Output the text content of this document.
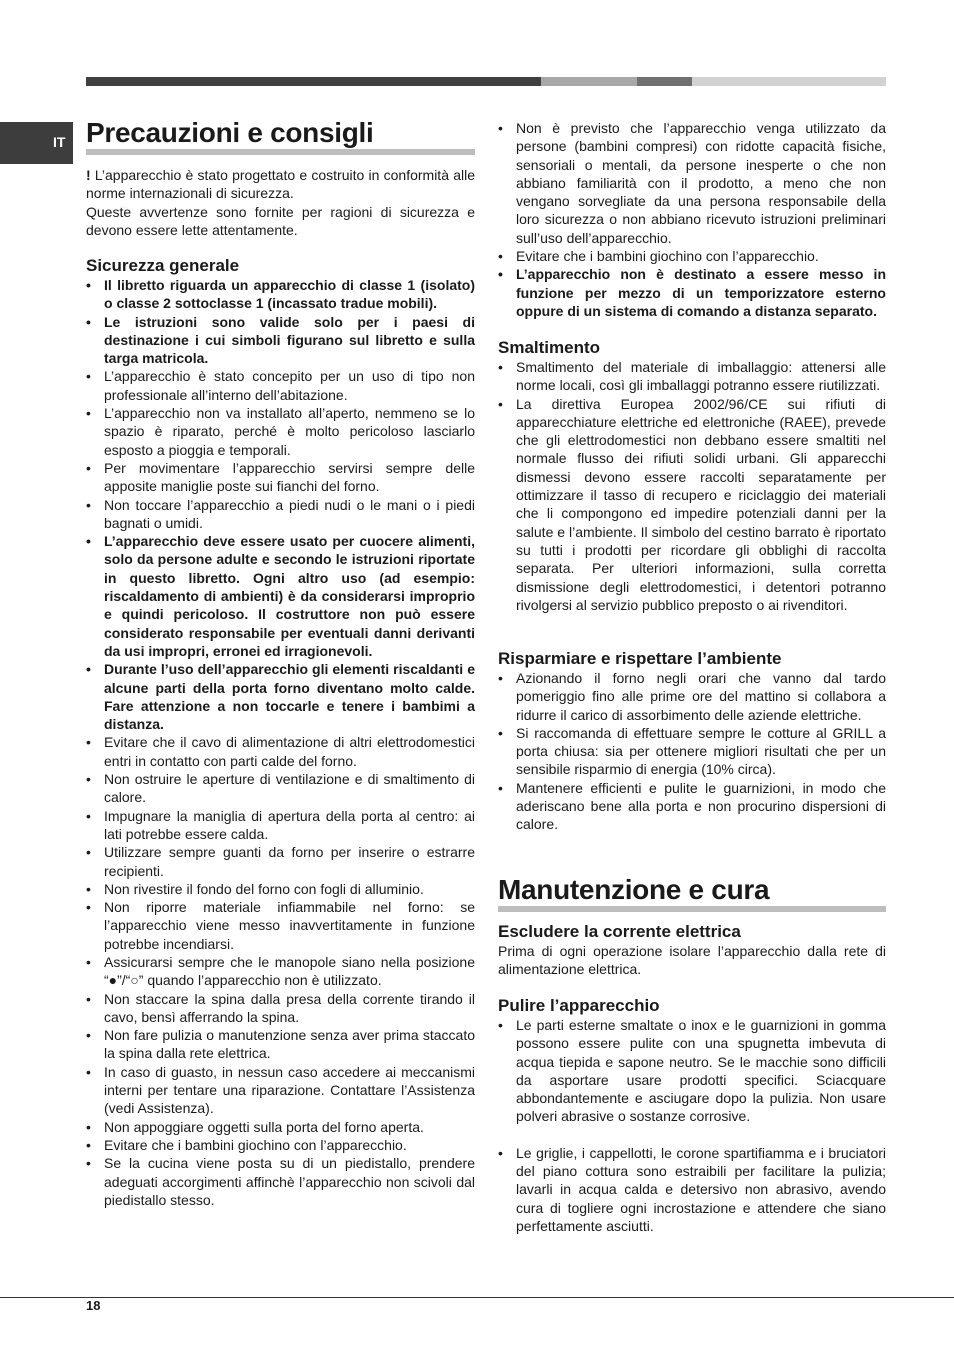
IT Precauzioni e consigli
! L’apparecchio è stato progettato e costruito in conformità alle norme internazionali di sicurezza.
Queste avvertenze sono fornite per ragioni di sicurezza e devono essere lette attentamente.
Sicurezza generale
• Il libretto riguarda un apparecchio di classe 1 (isolato) o classe 2 sottoclasse 1 (incassato tradue mobili).
• Le istruzioni sono valide solo per i paesi di destinazione i cui simboli figurano sul libretto e sulla targa matricola.
• L’apparecchio è stato concepito per un uso di tipo non professionale all’interno dell’abitazione.
• L’apparecchio non va installato all’aperto, nemmeno se lo spazio è riparato, perché è molto pericoloso lasciarlo esposto a pioggia e temporali.
• Per movimentare l’apparecchio servirsi sempre delle apposite maniglie poste sui fianchi del forno.
• Non toccare l’apparecchio a piedi nudi o le mani o i piedi bagnati o umidi.
• L’apparecchio deve essere usato per cuocere alimenti, solo da persone adulte e secondo le istruzioni riportate in questo libretto. Ogni altro uso (ad esempio: riscaldamento di ambienti) è da considerarsi improprio e quindi pericoloso. Il costruttore non può essere considerato responsabile per eventuali danni derivanti da usi impropri, erronei ed irragionevoli.
• Durante l’uso dell’apparecchio gli elementi riscaldanti e alcune parti della porta forno diventano molto calde. Fare attenzione a non toccarle e tenere i bambimi a distanza.
• Evitare che il cavo di alimentazione di altri elettrodomestici entri in contatto con parti calde del forno.
• Non ostruire le aperture di ventilazione e di smaltimento di calore.
• Impugnare la maniglia di apertura della porta al centro: ai lati potrebbe essere calda.
• Utilizzare sempre guanti da forno per inserire o estrarre recipienti.
• Non rivestire il fondo del forno con fogli di alluminio.
• Non riporre materiale infiammabile nel forno: se l’apparecchio viene messo inavvertitamente in funzione potrebbe incendiarsi.
• Assicurarsi sempre che le manopole siano nella posizione “●”/“○” quando l’apparecchio non è utilizzato.
• Non staccare la spina dalla presa della corrente tirando il cavo, bensì afferrando la spina.
• Non fare pulizia o manutenzione senza aver prima staccato la spina dalla rete elettrica.
• In caso di guasto, in nessun caso accedere ai meccanismi interni per tentare una riparazione. Contattare l’Assistenza (vedi Assistenza).
• Non appoggiare oggetti sulla porta del forno aperta.
• Evitare che i bambini giochino con l’apparecchio.
• Se la cucina viene posta su di un piedistallo, prendere adeguati accorgimenti affinchè l’apparecchio non scivoli dal piedistallo stesso.
• Non è previsto che l’apparecchio venga utilizzato da persone (bambini compresi) con ridotte capacità fisiche, sensoriali o mentali, da persone inesperte o che non abbiano familiarità con il prodotto, a meno che non vengano sorvegliate da una persona responsabile della loro sicurezza o non abbiano ricevuto istruzioni preliminari sull’uso dell’apparecchio.
• Evitare che i bambini giochino con l’apparecchio.
• L’apparecchio non è destinato a essere messo in funzione per mezzo di un temporizzatore esterno oppure di un sistema di comando a distanza separato.
Smaltimento
• Smaltimento del materiale di imballaggio: attenersi alle norme locali, così gli imballaggi potranno essere riutilizzati.
• La direttiva Europea 2002/96/CE sui rifiuti di apparecchiature elettriche ed elettroniche (RAEE), prevede che gli elettrodomestici non debbano essere smaltiti nel normale flusso dei rifiuti solidi urbani. Gli apparecchi dismessi devono essere raccolti separatamente per ottimizzare il tasso di recupero e riciclaggio dei materiali che li compongono ed impedire potenziali danni per la salute e l’ambiente. Il simbolo del cestino barrato è riportato su tutti i prodotti per ricordare gli obblighi di raccolta separata. Per ulteriori informazioni, sulla corretta dismissione degli elettrodomestici, i detentori potranno rivolgersi al servizio pubblico preposto o ai rivenditori.
Risparmiare e rispettare l’ambiente
• Azionando il forno negli orari che vanno dal tardo pomeriggio fino alle prime ore del mattino si collabora a ridurre il carico di assorbimento delle aziende elettriche.
• Si raccomanda di effettuare sempre le cotture al GRILL a porta chiusa: sia per ottenere migliori risultati che per un sensibile risparmio di energia (10% circa).
• Mantenere efficienti e pulite le guarnizioni, in modo che aderiscano bene alla porta e non procurino dispersioni di calore.
Manutenzione e cura
Escludere la corrente elettrica
Prima di ogni operazione isolare l’apparecchio dalla rete di alimentazione elettrica.
Pulire l’apparecchio
• Le parti esterne smaltate o inox e le guarnizioni in gomma possono essere pulite con una spugnetta imbevuta di acqua tiepida e sapone neutro. Se le macchie sono difficili da asportare usare prodotti specifici. Sciacquare abbondantemente e asciugare dopo la pulizia. Non usare polveri abrasive o sostanze corrosive.
• Le griglie, i cappellotti, le corone spartifiamma e i bruciatori del piano cottura sono estraibili per facilitare la pulizia; lavarli in acqua calda e detersivo non abrasivo, avendo cura di togliere ogni incrostazione e attendere che siano perfettamente asciutti.
18
